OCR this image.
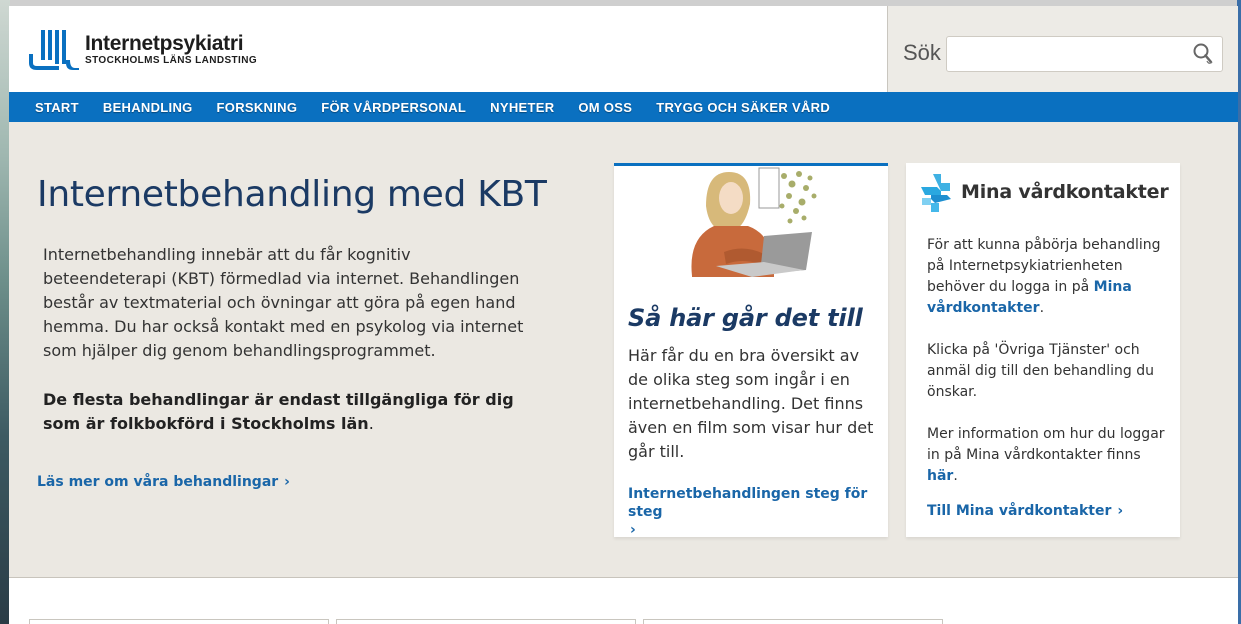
Internetpsykiatri
STOCKHOLMS LÄNS LANDSTING	Sök
START BEHANDLING FORSKNING FÖR VÅRDPERSONAL NYHETER OM OSS TRYGG OCH SÄKER VÅRD
Internetbehandling med KBT

Internetbehandling innebär att du får kognitiv beteendeterapi (KBT) förmedlad via internet. Behandlingen består av textmaterial och övningar att göra på egen hand hemma. Du har också kontakt med en psykolog via internet som hjälper dig genom behandlingsprogrammet.

De flesta behandlingar är endast tillgängliga för dig som är folkbokförd i Stockholms län.

Läs mer om våra behandlingar ›
Så här går det till

Här får du en bra översikt av de olika steg som ingår i en internetbehandling. Det finns även en film som visar hur det går till.

Internetbehandlingen steg för steg
›
Mina vårdkontakter

För att kunna påbörja behandling på Internetpsykiatrienheten behöver du logga in på Mina vårdkontakter.

Klicka på 'Övriga Tjänster' och anmäl dig till den behandling du önskar.

Mer information om hur du loggar in på Mina vårdkontakter finns här.

Till Mina vårdkontakter ›
